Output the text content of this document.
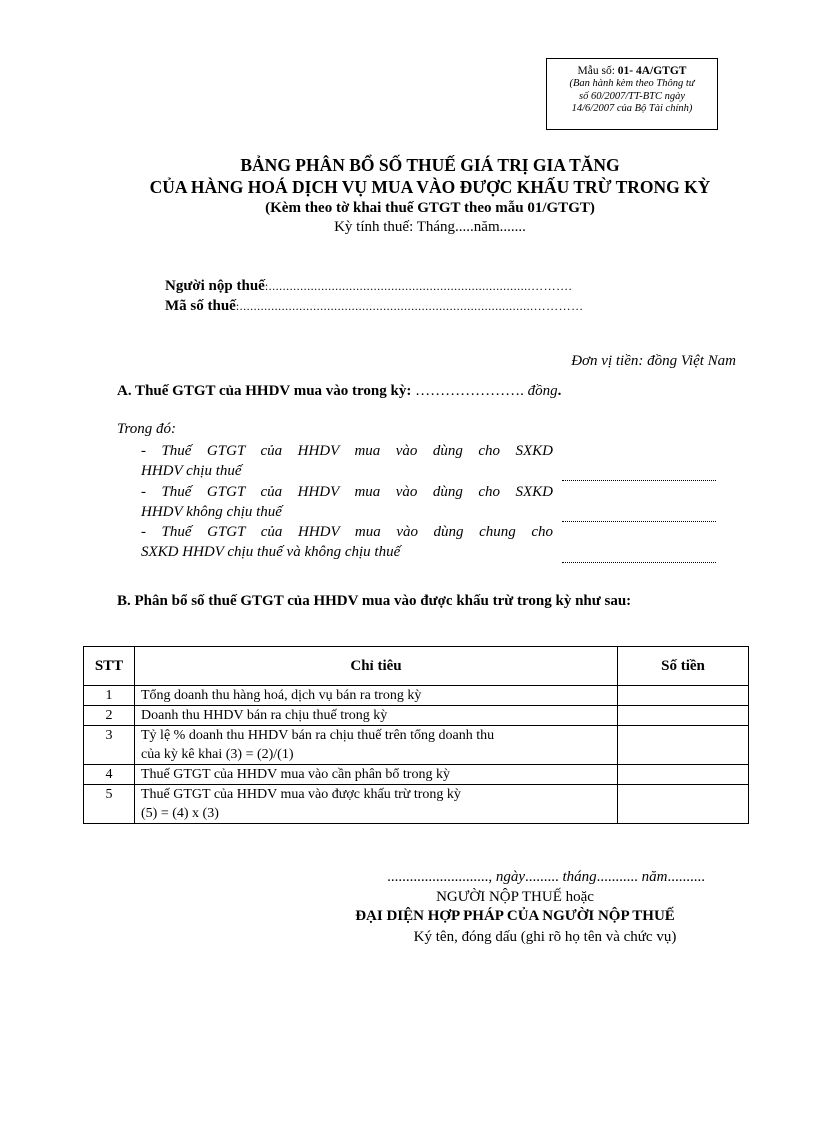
Mẫu số: 01- 4A/GTGT
(Ban hành kèm theo Thông tư
số 60/2007/TT-BTC ngày
14/6/2007 của Bộ Tài chính)
BẢNG PHÂN BỔ SỐ THUẾ GIÁ TRỊ GIA TĂNG
CỦA HÀNG HOÁ DỊCH VỤ MUA VÀO ĐƯỢC KHẤU TRỪ TRONG KỲ
(Kèm theo tờ khai thuế GTGT theo mẫu 01/GTGT)
Kỳ tính thuế: Tháng.....năm.......
Người nộp thuế:...........................................................................……….
Mã số thuế:....................................................................................…………
Đơn vị tiền: đồng Việt Nam
A. Thuế GTGT của HHDV mua vào trong kỳ: …………………. đồng.
Trong đó:
- Thuế GTGT của HHDV mua vào dùng cho SXKD
HHDV chịu thuế
- Thuế GTGT của HHDV mua vào dùng cho SXKD
HHDV không chịu thuế
- Thuế GTGT của HHDV mua vào dùng chung cho
SXKD HHDV chịu thuế và không chịu thuế
B. Phân bổ số thuế GTGT của HHDV mua vào được khấu trừ trong kỳ như sau:
STT	Chỉ tiêu	Số tiền
1	Tổng doanh thu hàng hoá, dịch vụ bán ra trong kỳ	
2	Doanh thu HHDV bán ra chịu thuế trong kỳ	
3	Tỷ lệ % doanh thu HHDV bán ra chịu thuế trên tổng doanh thu
của kỳ kê khai (3) = (2)/(1)	

4	Thuế GTGT của HHDV mua vào cần phân bổ trong kỳ	
5	Thuế GTGT của HHDV mua vào được khấu trừ trong kỳ
(5) = (4) x (3)	

..........................., ngày......... tháng........... năm..........
NGƯỜI NỘP THUẾ hoặc
ĐẠI DIỆN HỢP PHÁP CỦA NGƯỜI NỘP THUẾ
Ký tên, đóng dấu (ghi rõ họ tên và chức vụ)
